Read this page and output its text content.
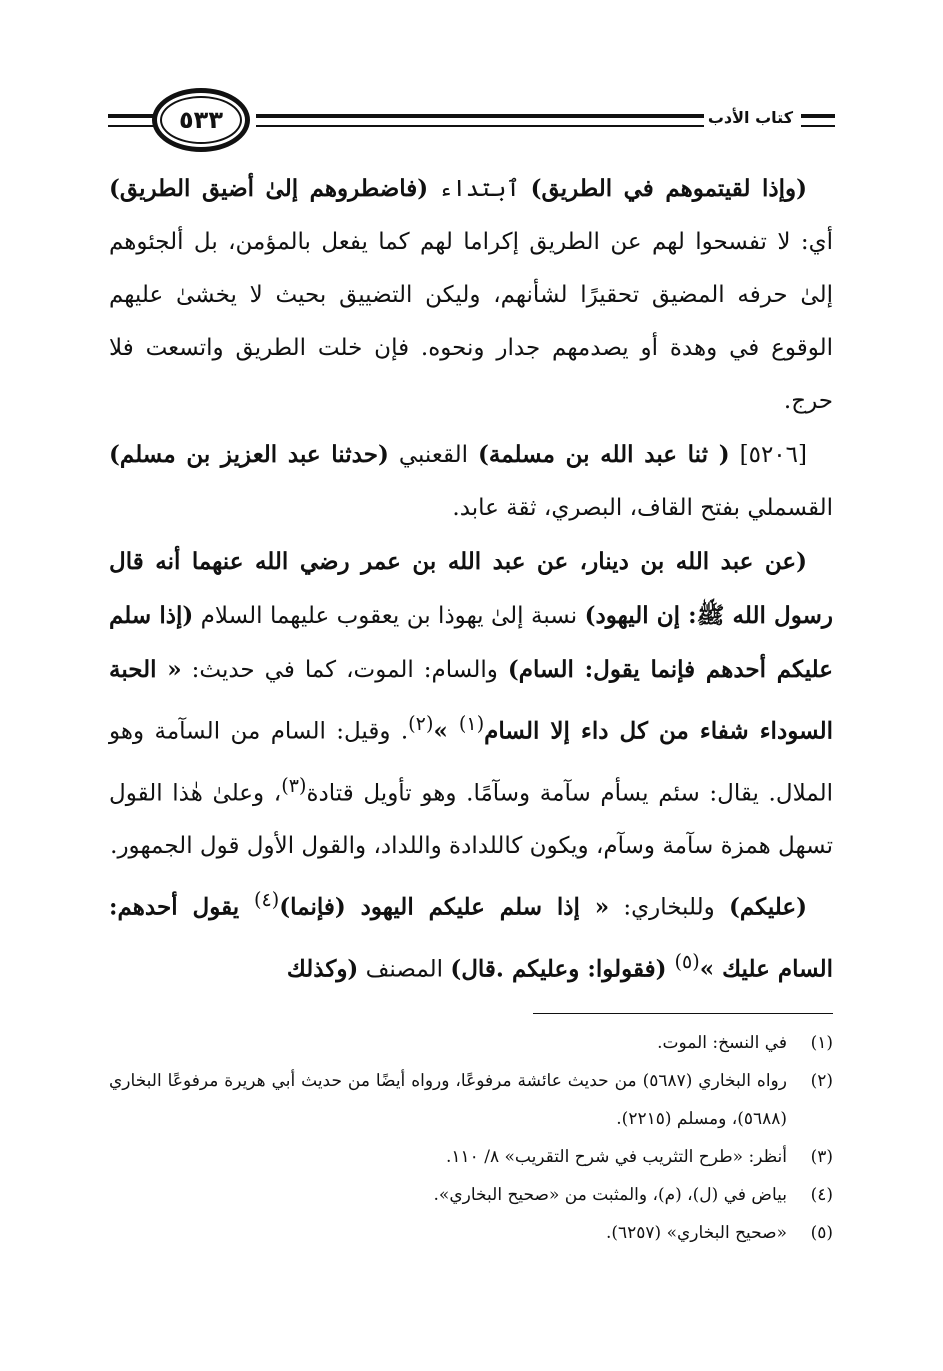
٥٣٣	كتاب الأدب

(وإذا لقيتموهم في الطريق) ٱبتداء (فاضطروهم إلىٰ أضيق الطريق) أي: لا تفسحوا لهم عن الطريق إكراما لهم كما يفعل بالمؤمن، بل ألجئوهم إلىٰ حرفه المضيق تحقيرًا لشأنهم، وليكن التضييق بحيث لا يخشىٰ عليهم الوقوع في وهدة أو يصدمهم جدار ونحوه. فإن خلت الطريق واتسعت فلا حرج.

[٥٢٠٦] ( ثنا عبد الله بن مسلمة) القعنبي (حدثنا عبد العزيز بن مسلم) القسملي بفتح القاف، البصري، ثقة عابد.

(عن عبد الله بن دينار، عن عبد الله بن عمر رضي الله عنهما أنه قال رسول الله ﷺ: إن اليهود) نسبة إلىٰ يهوذا بن يعقوب عليهما السلام (إذا سلم عليكم أحدهم فإنما يقول: السام) والسام: الموت، كما في حديث: « الحبة السوداء شفاء من كل داء إلا السام$^{(١)}$ »$^{(٢)}$. وقيل: السام من السآمة وهو الملال. يقال: سئم يسأم سآمة وسآمًا. وهو تأويل قتادة$^{(٣)}$، وعلىٰ هٰذا القول تسهل همزة سآمة وسآم، ويكون كاللدادة واللداد، والقول الأول قول الجمهور.

(عليكم) وللبخاري: « إذا سلم عليكم اليهود (فإنما)$^{(٤)}$ يقول أحدهم: السام عليك »$^{(٥)}$ (فقولوا: وعليكم .قال) المصنف (وكذلك

(١)
في النسخ: الموت.
(٢)
رواه البخاري (٥٦٨٧) من حديث عائشة مرفوعًا، ورواه أيضًا من حديث أبي هريرة مرفوعًا البخاري (٥٦٨٨)، ومسلم (٢٢١٥).
(٣)
أنظر: «طرح التثريب في شرح التقريب» ٨/ ١١٠.
(٤)
بياض في (ل)، (م)، والمثبت من «صحيح البخاري».
(٥)
«صحيح البخاري» (٦٢٥٧).
